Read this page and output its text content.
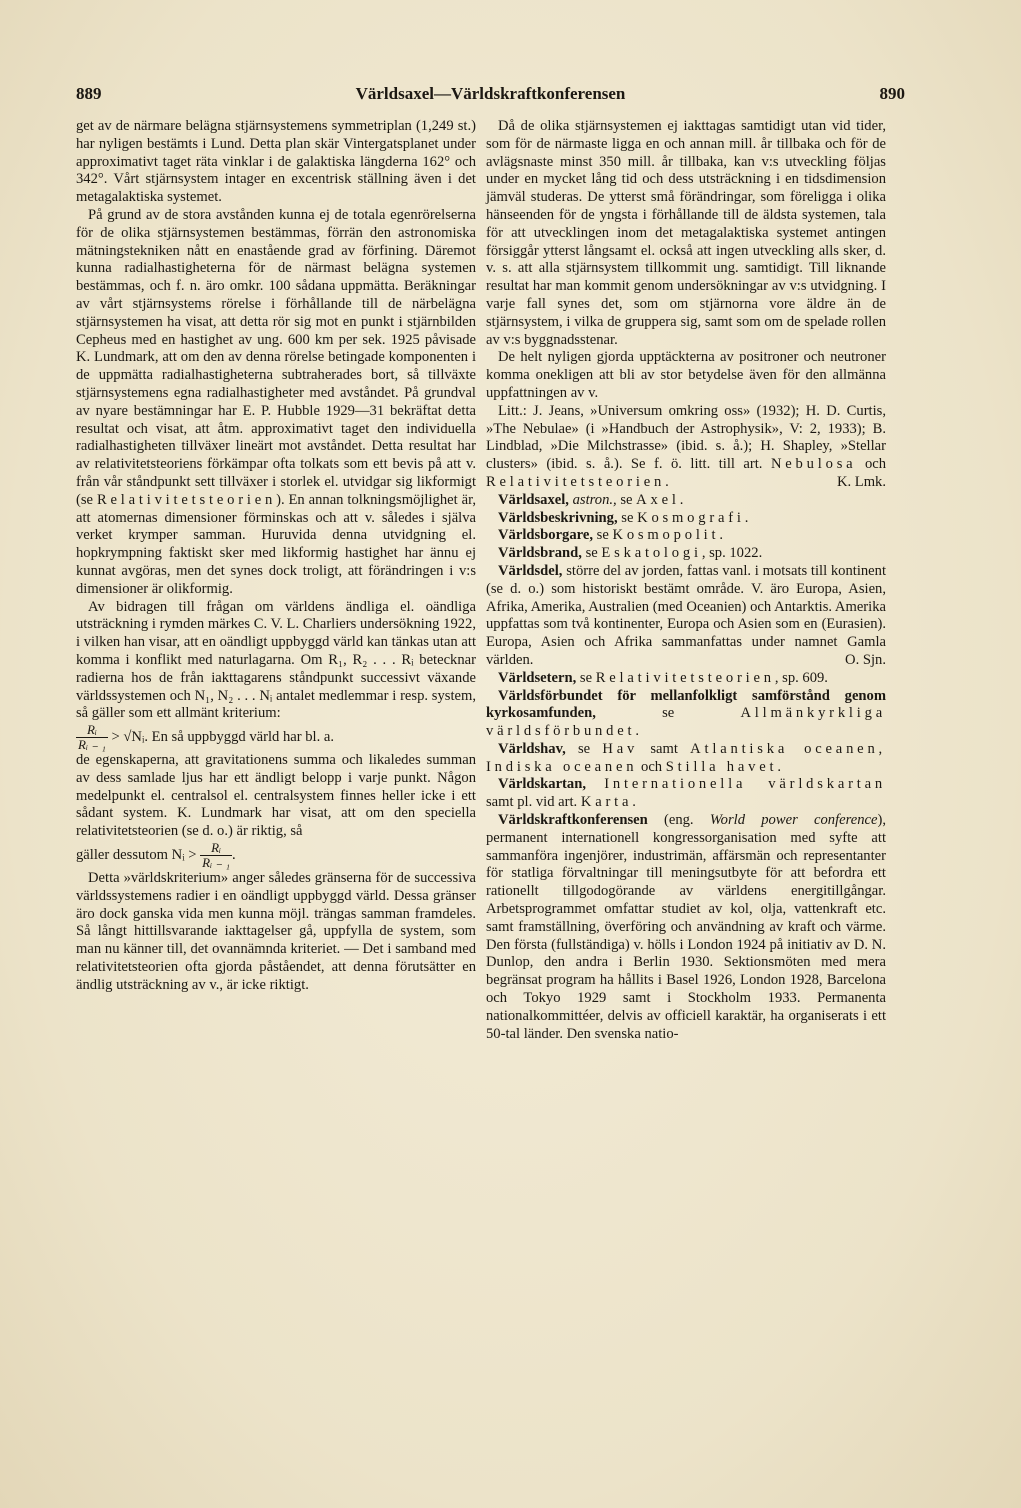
889	Världsaxel—Världskraftkonferensen	890

get av de närmare belägna stjärnsystemens symmetriplan (1,249 st.) har nyligen bestämts i Lund. Detta plan skär Vintergatsplanet under approximativt taget räta vinklar i de galaktiska längderna 162° och 342°. Vårt stjärnsystem intager en excentrisk ställning även i det metagalaktiska systemet.

På grund av de stora avstånden kunna ej de totala egenrörelserna för de olika stjärnsystemen bestämmas, förrän den astronomiska mätningstekniken nått en enastående grad av förfining. Däremot kunna radialhastigheterna för de närmast belägna systemen bestämmas, och f. n. äro omkr. 100 sådana uppmätta. Beräkningar av vårt stjärnsystems rörelse i förhållande till de närbelägna stjärnsystemen ha visat, att detta rör sig mot en punkt i stjärnbilden Cepheus med en hastighet av ung. 600 km per sek. 1925 påvisade K. Lundmark, att om den av denna rörelse betingade komponenten i de uppmätta radialhastigheterna subtraherades bort, så tillväxte stjärnsystemens egna radialhastigheter med avståndet. På grundval av nyare bestämningar har E. P. Hubble 1929—31 bekräftat detta resultat och visat, att åtm. approximativt taget den individuella radialhastigheten tillväxer lineärt mot avståndet. Detta resultat har av relativitetsteoriens förkämpar ofta tolkats som ett bevis på att v. från vår ståndpunkt sett tillväxer i storlek el. utvidgar sig likformigt (se Relativitetsteorien). En annan tolkningsmöjlighet är, att atomernas dimensioner förminskas och att v. således i själva verket krymper samman. Huruvida denna utvidgning el. hopkrympning faktiskt sker med likformig hastighet har ännu ej kunnat avgöras, men det synes dock troligt, att förändringen i v:s dimensioner är olikformig.

Av bidragen till frågan om världens ändliga el. oändliga utsträckning i rymden märkes C. V. L. Charliers undersökning 1922, i vilken han visar, att en oändligt uppbyggd värld kan tänkas utan att komma i konflikt med naturlagarna. Om R₁, R₂ . . . Rᵢ betecknar radierna hos de från iakttagarens ståndpunkt successivt växande världssystemen och N₁, N₂ . . . Nᵢ antalet medlemmar i resp. system, så gäller som ett allmänt kriterium:

$\frac{\text{Rᵢ}}{\text{Rᵢ ₋ ₁}}$ > √Nᵢ. En så uppbyggd värld har bl. a.

de egenskaperna, att gravitationens summa och likaledes summan av dess samlade ljus har ett ändligt belopp i varje punkt. Någon medelpunkt el. centralsol el. centralsystem finnes heller icke i ett sådant system. K. Lundmark har visat, att om den speciella relativitetsteorien (se d. o.) är riktig, så

gäller dessutom Nᵢ > $\frac{\text{Rᵢ}}{\text{Rᵢ ₋ ₁}}$ .

Detta »världskriterium» anger således gränserna för de successiva världssystemens radier i en oändligt uppbyggd värld. Dessa gränser äro dock ganska vida men kunna möjl. trängas samman framdeles. Så långt hittillsvarande iakttagelser gå, uppfylla de system, som man nu känner till, det ovannämnda kriteriet. — Det i samband med relativitetsteorien ofta gjorda påståendet, att denna förutsätter en ändlig utsträckning av v., är icke riktigt.

Då de olika stjärnsystemen ej iakttagas samtidigt utan vid tider, som för de närmaste ligga en och annan mill. år tillbaka och för de avlägsnaste minst 350 mill. år tillbaka, kan v:s utveckling följas under en mycket lång tid och dess utsträckning i en tidsdimension jämväl studeras. De ytterst små förändringar, som föreligga i olika hänseenden för de yngsta i förhållande till de äldsta systemen, tala för att utvecklingen inom det metagalaktiska systemet antingen försiggår ytterst långsamt el. också att ingen utveckling alls sker, d. v. s. att alla stjärnsystem tillkommit ung. samtidigt. Till liknande resultat har man kommit genom undersökningar av v:s utvidgning. I varje fall synes det, som om stjärnorna vore äldre än de stjärnsystem, i vilka de gruppera sig, samt som om de spelade rollen av v:s byggnadsstenar.

De helt nyligen gjorda upptäckterna av positroner och neutroner komma onekligen att bli av stor betydelse även för den allmänna uppfattningen av v.

Litt.: J. Jeans, »Universum omkring oss» (1932); H. D. Curtis, »The Nebulae» (i »Handbuch der Astrophysik», V: 2, 1933); B. Lindblad, »Die Milchstrasse» (ibid. s. å.); H. Shapley, »Stellar clusters» (ibid. s. å.). Se f. ö. litt. till art. Nebulosa och Relativitetsteorien.	K. Lmk.

Världsaxel, astron., se Axel.

Världsbeskrivning, se Kosmografi.

Världsborgare, se Kosmopolit.

Världsbrand, se Eskatologi, sp. 1022.

Världsdel, större del av jorden, fattas vanl. i motsats till kontinent (se d. o.) som historiskt bestämt område. V. äro Europa, Asien, Afrika, Amerika, Australien (med Oceanien) och Antarktis. Amerika uppfattas som två kontinenter, Europa och Asien som en (Eurasien). Europa, Asien och Afrika sammanfattas under namnet Gamla världen.	O. Sjn.

Världsetern, se Relativitetsteorien, sp. 609.

Världsförbundet för mellanfolkligt samförstånd genom kyrkosamfunden,	se	Allmänkyrkliga världsförbundet.

Världshav, se Hav samt Atlantiska oceanen, Indiska oceanen och Stilla havet.

Världskartan, Internationella världskartan samt pl. vid art. Karta.

Världskraftkonferensen (eng. World power conference), permanent internationell kongressorganisation med syfte att sammanföra ingenjörer, industrimän, affärsmän och representanter för statliga förvaltningar till meningsutbyte för att befordra ett rationellt tillgodogörande av världens energitillgångar. Arbetsprogrammet omfattar studiet av kol, olja, vattenkraft etc. samt framställning, överföring och användning av kraft och värme. Den första (fullständiga) v. hölls i London 1924 på initiativ av D. N. Dunlop, den andra i Berlin 1930. Sektionsmöten med mera begränsat program ha hållits i Basel 1926, London 1928, Barcelona och Tokyo 1929 samt i Stockholm 1933. Permanenta nationalkommittéer, delvis av officiell karaktär, ha organiserats i ett 50-tal länder. Den svenska natio-
